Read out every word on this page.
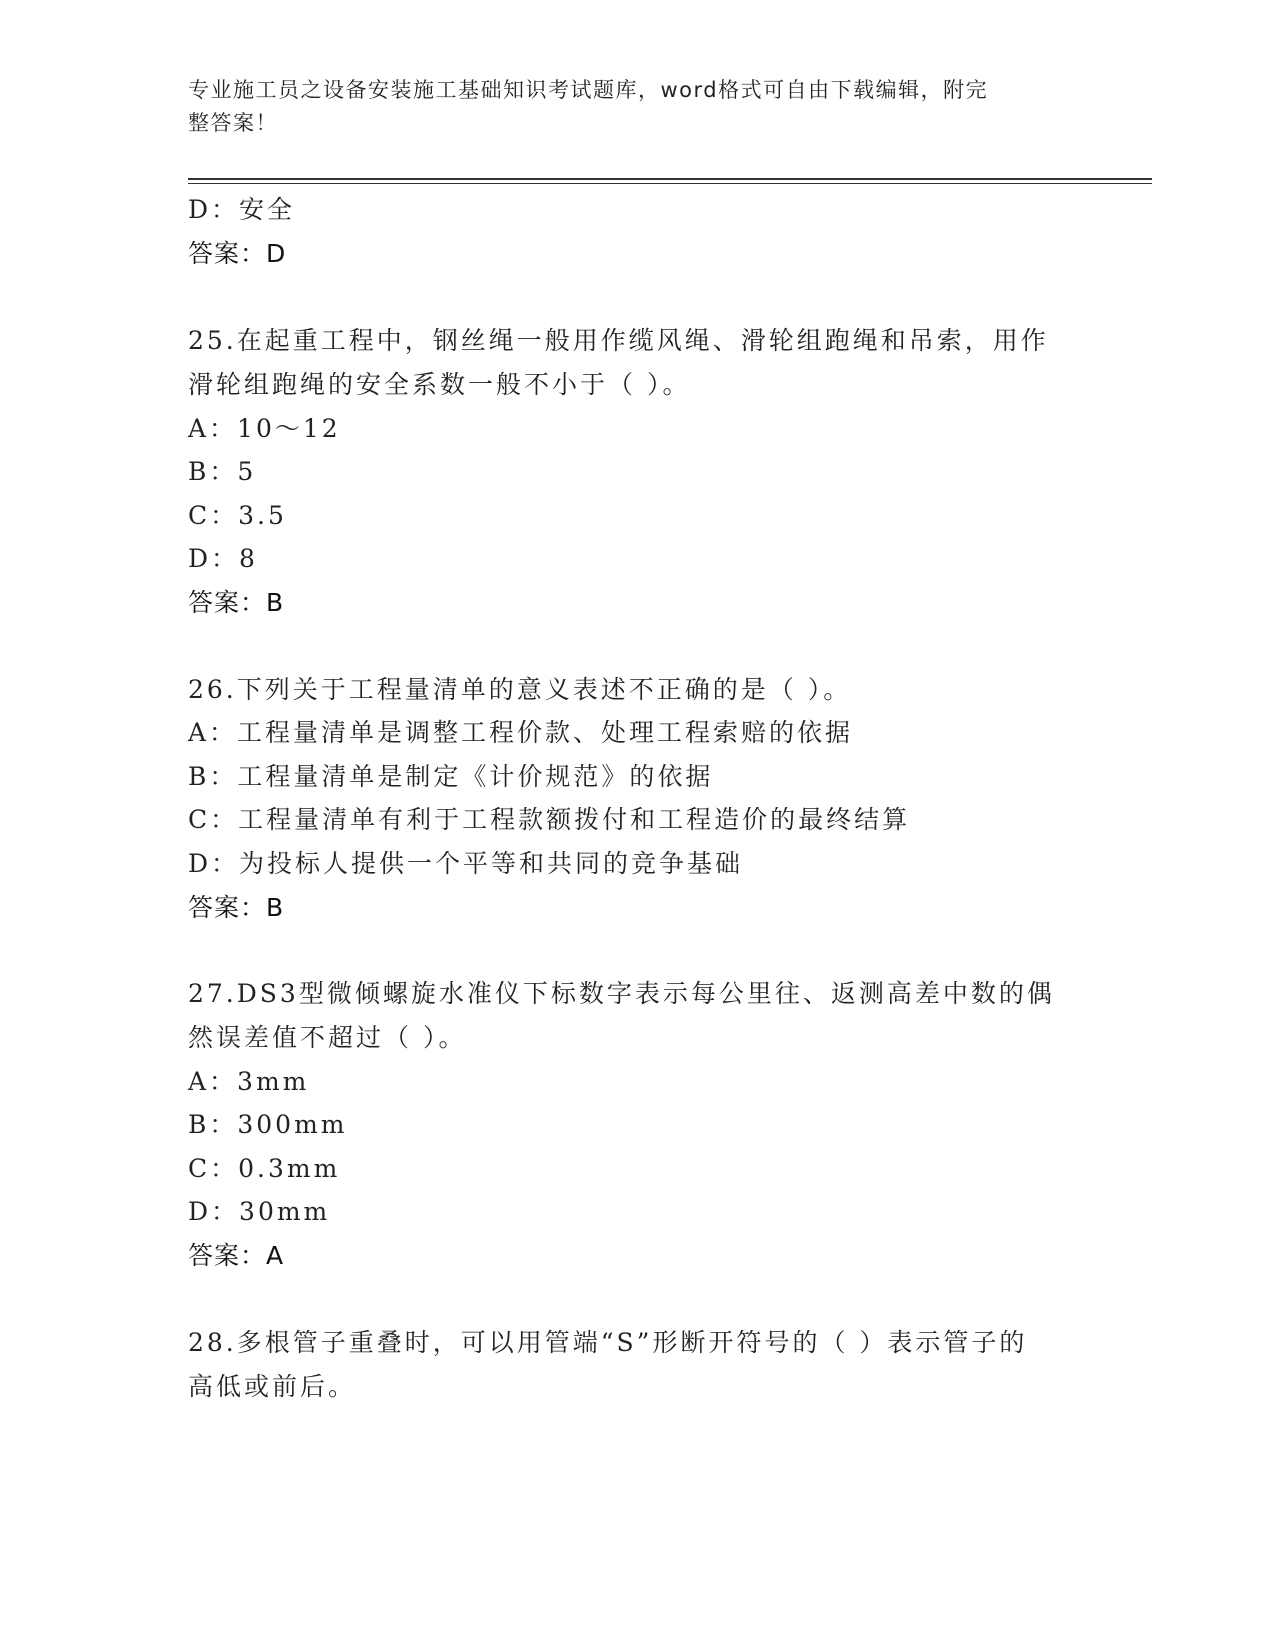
专业施工员之设备安装施工基础知识考试题库，word格式可自由下载编辑，附完
整答案！
D：安全
答案：D
25.在起重工程中，钢丝绳一般用作缆风绳、滑轮组跑绳和吊索，用作
滑轮组跑绳的安全系数一般不小于（ ）。
A：10～12
B：5
C：3.5
D：8
答案：B
26.下列关于工程量清单的意义表述不正确的是（ ）。
A：工程量清单是调整工程价款、处理工程索赔的依据
B：工程量清单是制定《计价规范》的依据
C：工程量清单有利于工程款额拨付和工程造价的最终结算
D：为投标人提供一个平等和共同的竞争基础
答案：B
27.DS3型微倾螺旋水准仪下标数字表示每公里往、返测高差中数的偶
然误差值不超过（ ）。
A：3mm
B：300mm
C：0.3mm
D：30mm
答案：A
28.多根管子重叠时，可以用管端“S”形断开符号的（ ）表示管子的
高低或前后。
